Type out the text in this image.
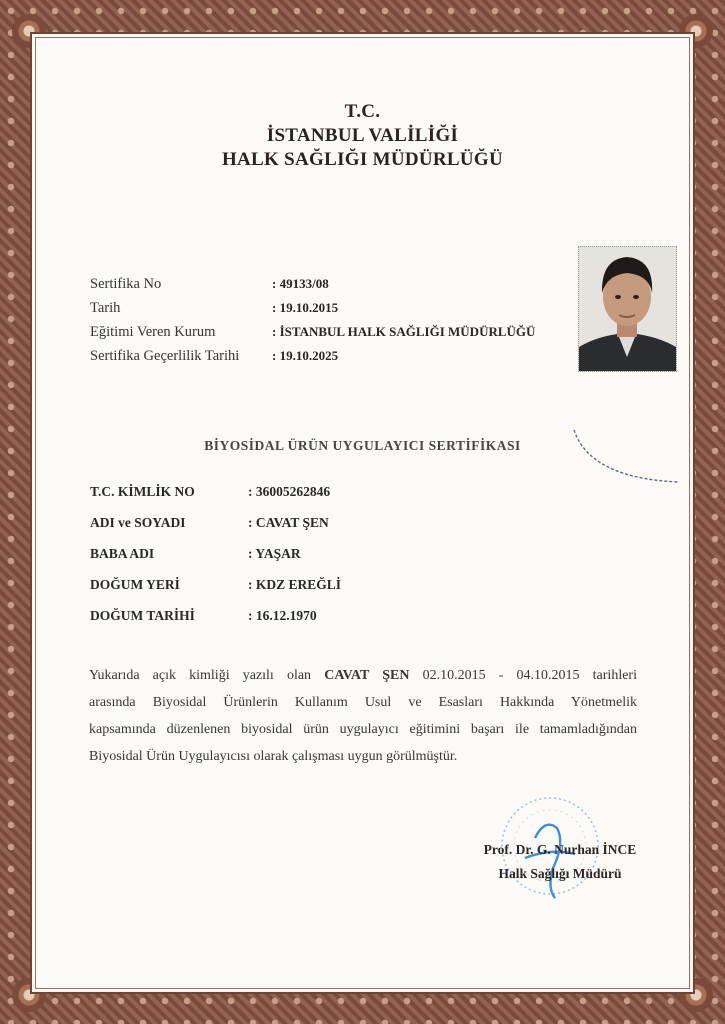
T.C.
İSTANBUL VALİLİĞİ
HALK SAĞLIĞI MÜDÜRLÜĞÜ
Sertifika No	: 49133/08
Tarih	: 19.10.2015
Eğitimi Veren Kurum	: İSTANBUL HALK SAĞLIĞI MÜDÜRLÜĞÜ
Sertifika Geçerlilik Tarihi	: 19.10.2025
BİYOSİDAL ÜRÜN UYGULAYICI SERTİFİKASI
T.C. KİMLİK NO	: 36005262846
ADI ve SOYADI	: CAVAT ŞEN
BABA ADI	: YAŞAR
DOĞUM YERİ	: KDZ EREĞLİ
DOĞUM TARİHİ	: 16.12.1970
Yukarıda açık kimliği yazılı olan CAVAT ŞEN 02.10.2015 - 04.10.2015 tarihleri
arasında Biyosidal Ürünlerin Kullanım Usul ve Esasları Hakkında Yönetmelik
kapsamında düzenlenen biyosidal ürün uygulayıcı eğitimini başarı ile tamamladığından
Biyosidal Ürün Uygulayıcısı olarak çalışması uygun görülmüştür.
Prof. Dr. G. Nurhan İNCE
Halk Sağlığı Müdürü
